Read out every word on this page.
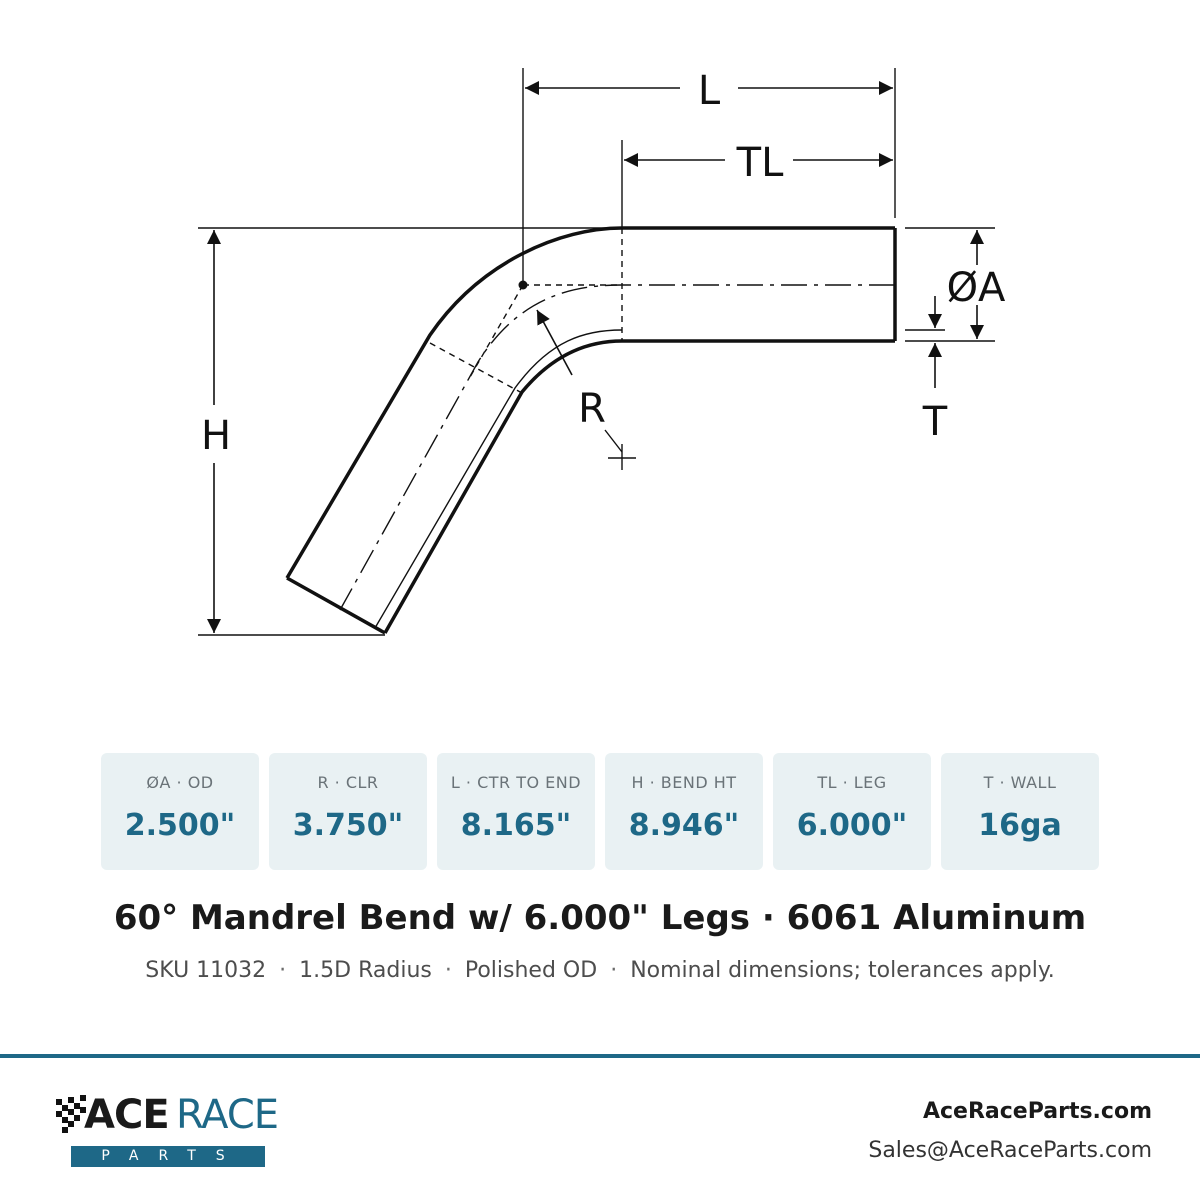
L
TL
H
ØA
T
R
ØA · OD
2.500"
R · CLR
3.750"
L · CTR TO END
8.165"
H · BEND HT
8.946"
TL · LEG
6.000"
T · WALL
16ga
60° Mandrel Bend w/ 6.000" Legs · 6061 Aluminum
SKU 11032 · 1.5D Radius · Polished OD · Nominal dimensions; tolerances apply.
ACE RACE
PARTS
AceRaceParts.com
Sales@AceRaceParts.com
